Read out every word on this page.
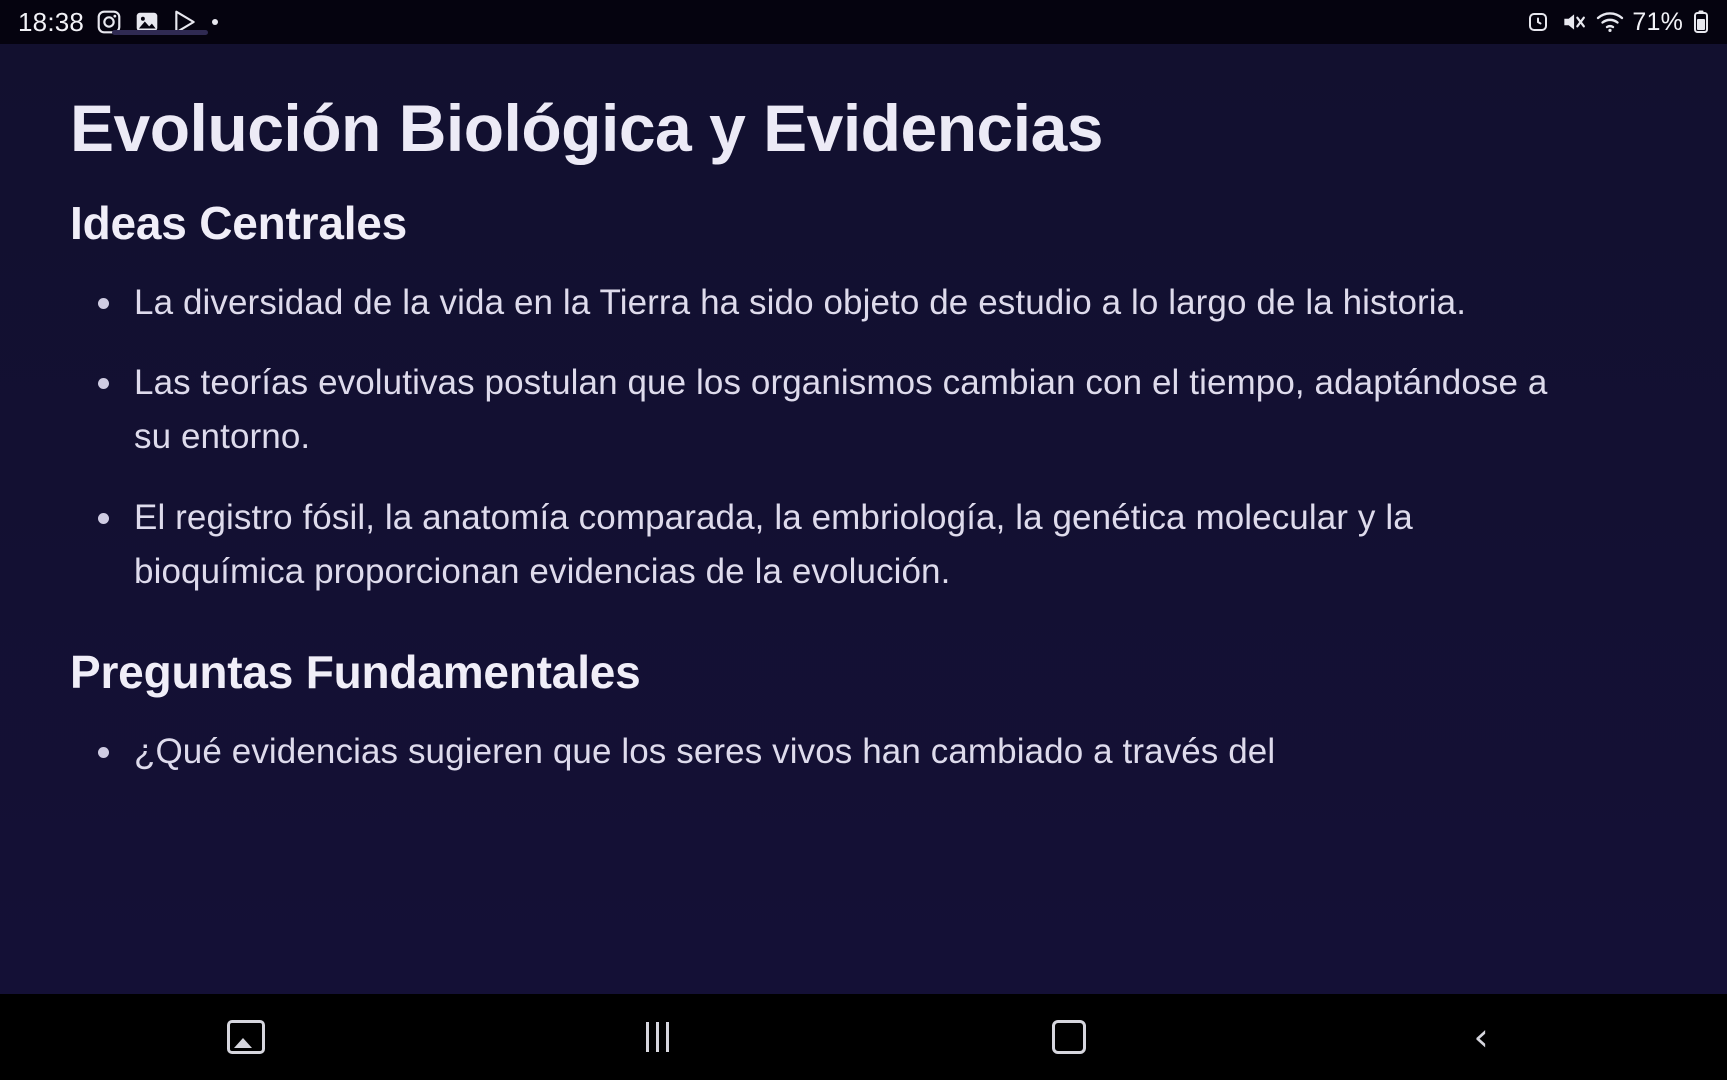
18:38	71%
Evolución Biológica y Evidencias
Ideas Centrales
La diversidad de la vida en la Tierra ha sido objeto de estudio a lo largo de la historia.
Las teorías evolutivas postulan que los organismos cambian con el tiempo, adaptándose a su entorno.
El registro fósil, la anatomía comparada, la embriología, la genética molecular y la bioquímica proporcionan evidencias de la evolución.
Preguntas Fundamentales
¿Qué evidencias sugieren que los seres vivos han cambiado a través del
‹
